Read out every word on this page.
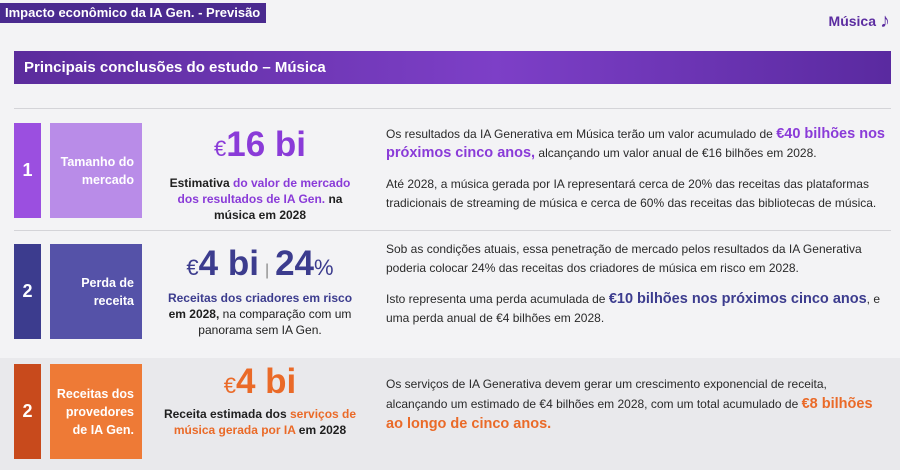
Impacto econômico da IA Gen. - Previsão
Música ♪
Principais conclusões do estudo – Música
1	Tamanho do mercado
€16 bi
Estimativa do valor de mercado dos resultados de IA Gen. na música em 2028

Os resultados da IA Generativa em Música terão um valor acumulado de €40 bilhões nos próximos cinco anos, alcançando um valor anual de €16 bilhões em 2028.

Até 2028, a música gerada por IA representará cerca de 20% das receitas das plataformas tradicionais de streaming de música e cerca de 60% das receitas das bibliotecas de música.

2	Perda de receita
€4 bi | 24%
Receitas dos criadores em risco em 2028, na comparação com um panorama sem IA Gen.

Sob as condições atuais, essa penetração de mercado pelos resultados da IA Generativa poderia colocar 24% das receitas dos criadores de música em risco em 2028.

Isto representa uma perda acumulada de €10 bilhões nos próximos cinco anos, e uma perda anual de €4 bilhões em 2028.

2
Receitas dos provedores de IA Gen.
€4 bi
Receita estimada dos serviços de música gerada por IA em 2028

Os serviços de IA Generativa devem gerar um crescimento exponencial de receita, alcançando um estimado de €4 bilhões em 2028, com um total acumulado de €8 bilhões ao longo de cinco anos.
